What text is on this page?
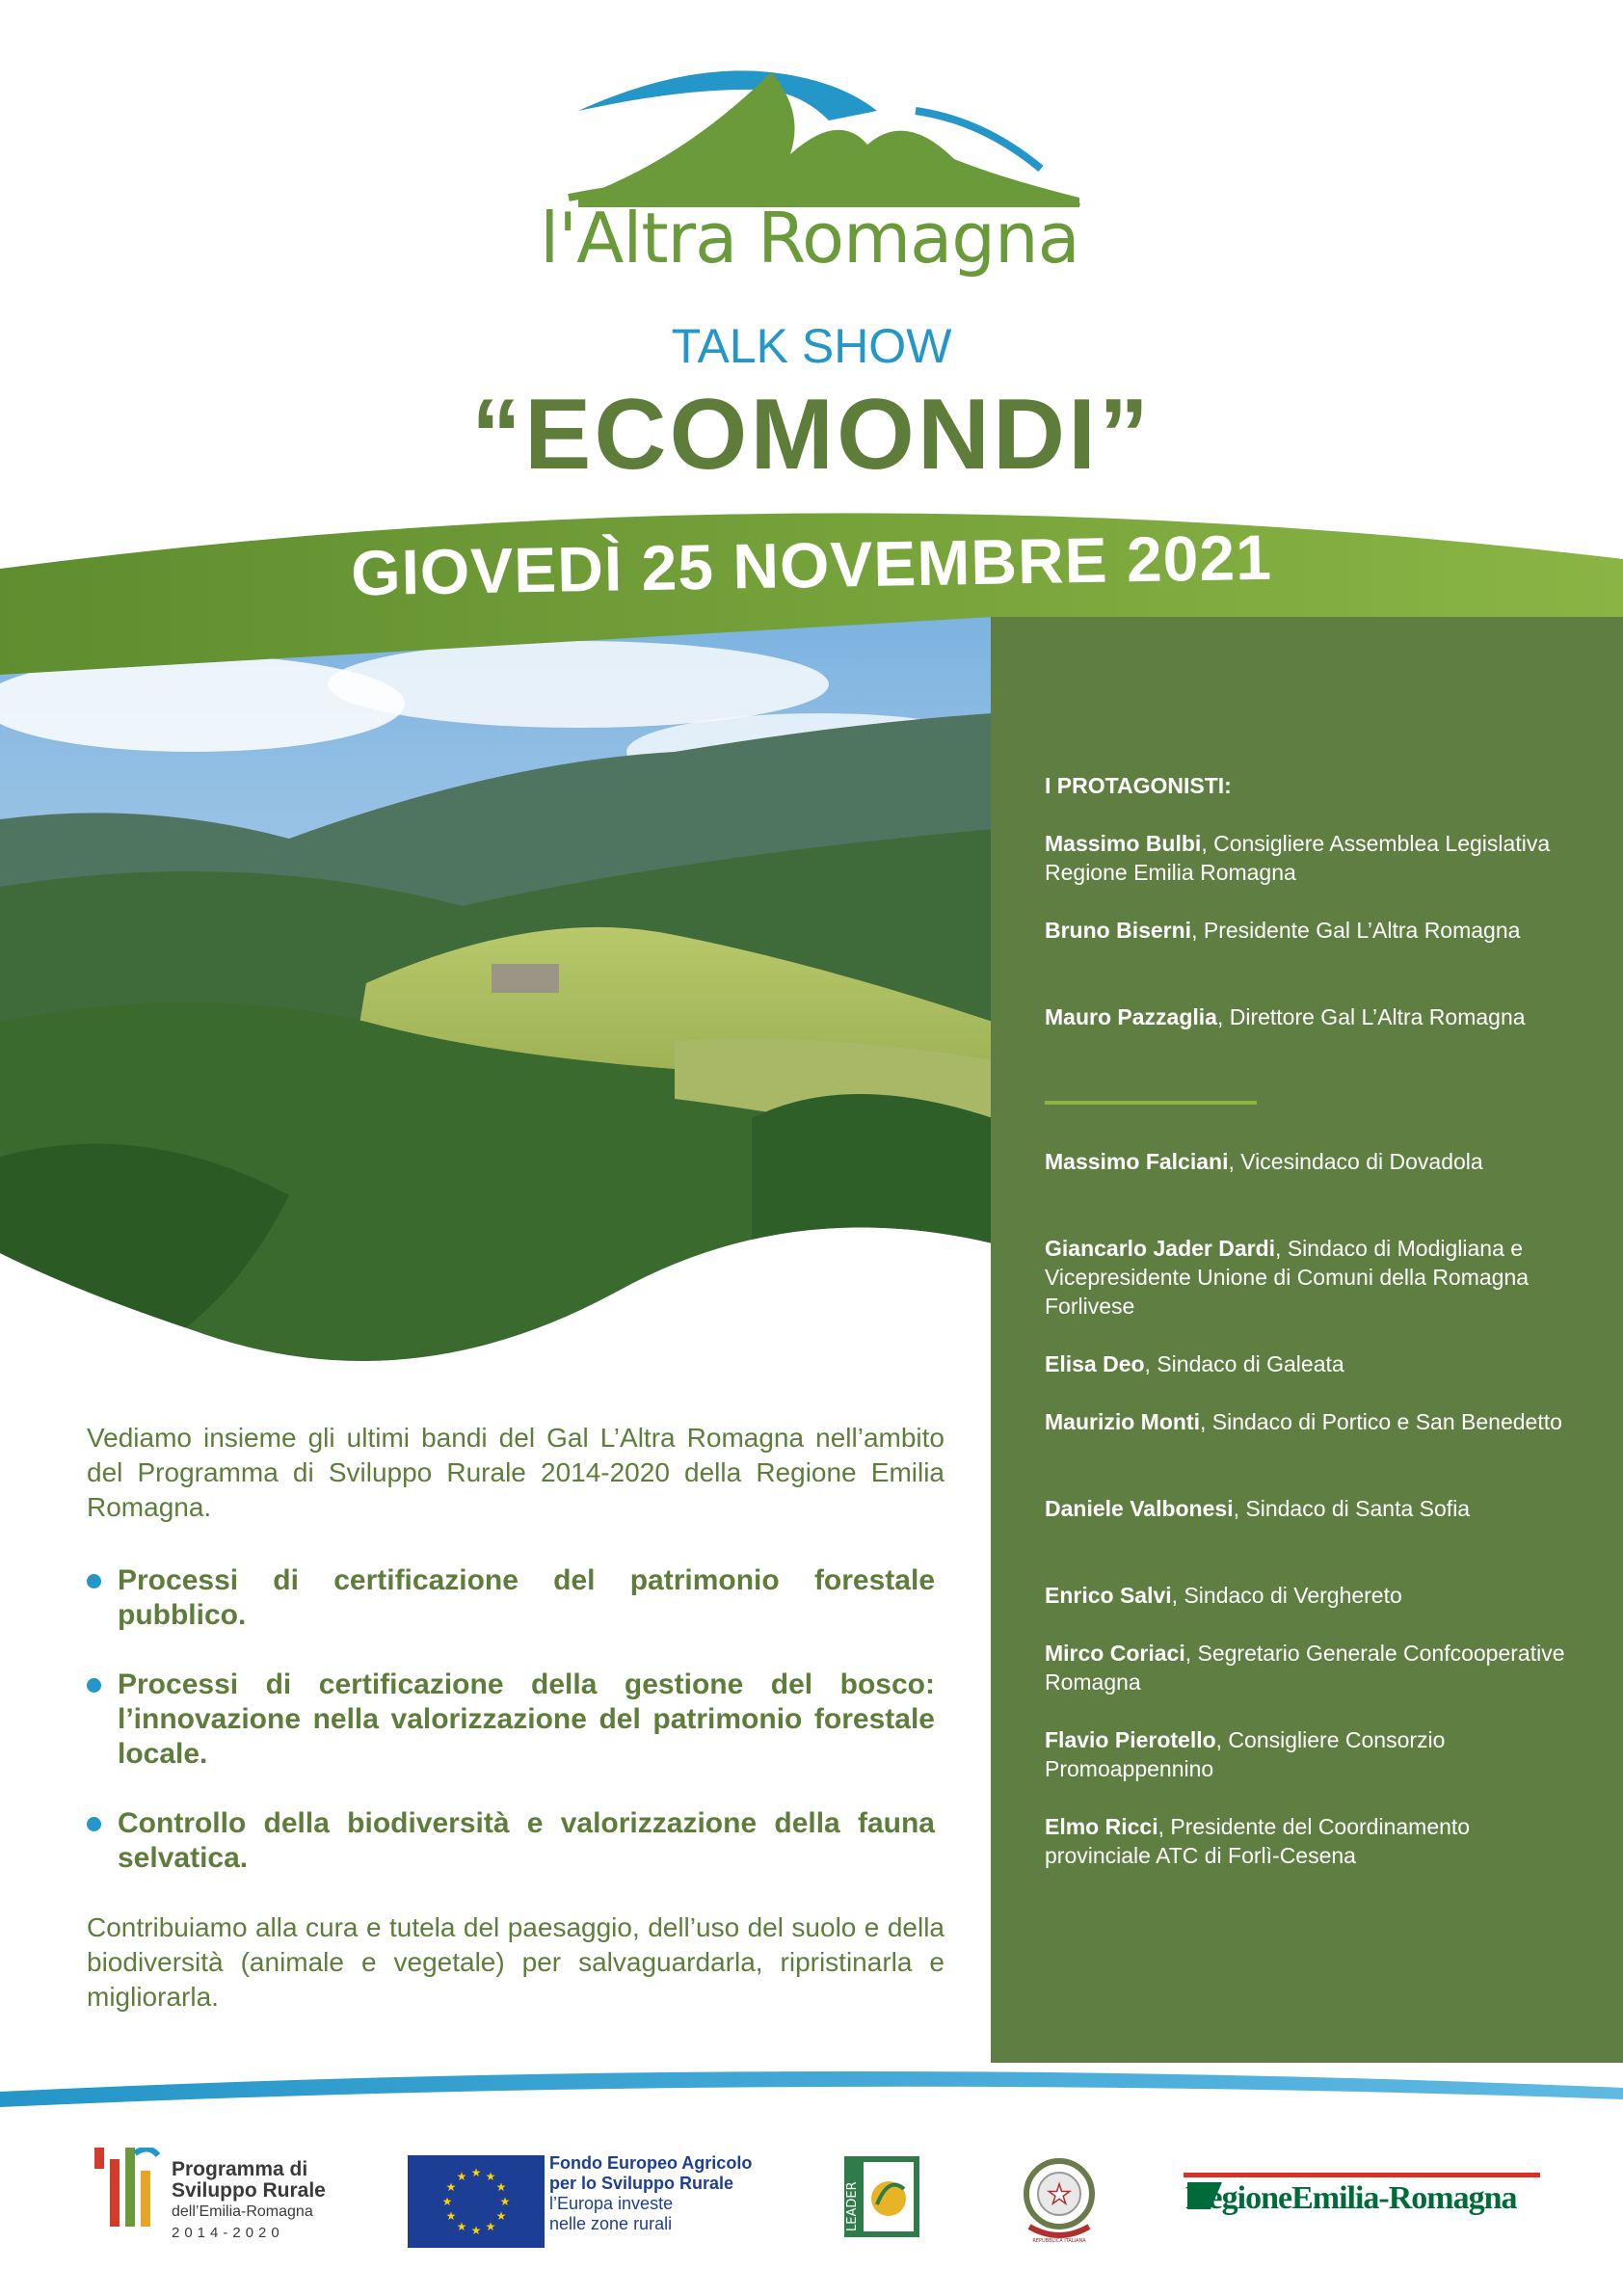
l'Altra Romagna
TALK SHOW
“ECOMONDI”
GIOVEDÌ 25 NOVEMBRE 2021
I PROTAGONISTI:
Massimo Bulbi, Consigliere Assemblea Legislativa Regione Emilia Romagna
Bruno Biserni, Presidente Gal L’Altra Romagna
Mauro Pazzaglia, Direttore Gal L’Altra Romagna
Massimo Falciani, Vicesindaco di Dovadola
Giancarlo Jader Dardi, Sindaco di Modigliana e Vicepresidente Unione di Comuni della Romagna Forlivese
Elisa Deo, Sindaco di Galeata
Maurizio Monti, Sindaco di Portico e San Benedetto
Daniele Valbonesi, Sindaco di Santa Sofia
Enrico Salvi, Sindaco di Verghereto
Mirco Coriaci, Segretario Generale Confcooperative Romagna
Flavio Pierotello, Consigliere Consorzio Promoappennino
Elmo Ricci, Presidente del Coordinamento provinciale ATC di Forlì-Cesena
Vediamo insieme gli ultimi bandi del Gal L’Altra Romagna nell’ambito del Programma di Sviluppo Rurale 2014-2020 della Regione Emilia Romagna.
Processi di certificazione del patrimonio forestale pubblico.
Processi di certificazione della gestione del bosco: l’innovazione nella valorizzazione del patrimonio forestale locale.
Controllo della biodiversità e valorizzazione della fauna selvatica.
Contribuiamo alla cura e tutela del paesaggio, dell’uso del suolo e della biodiversità (animale e vegetale) per salvaguardarla, ripristinarla e migliorarla.
Programma di
Sviluppo Rurale
dell’Emilia-Romagna
2014-2020
★ ★
★
★
★
★
★
★
★
★
★
★
Fondo Europeo Agricolo
per lo Sviluppo Rurale
l’Europa investe
nelle zone rurali	LEADER	★
REPUBBLICA ITALIANA
RegioneEmilia-Romagna
